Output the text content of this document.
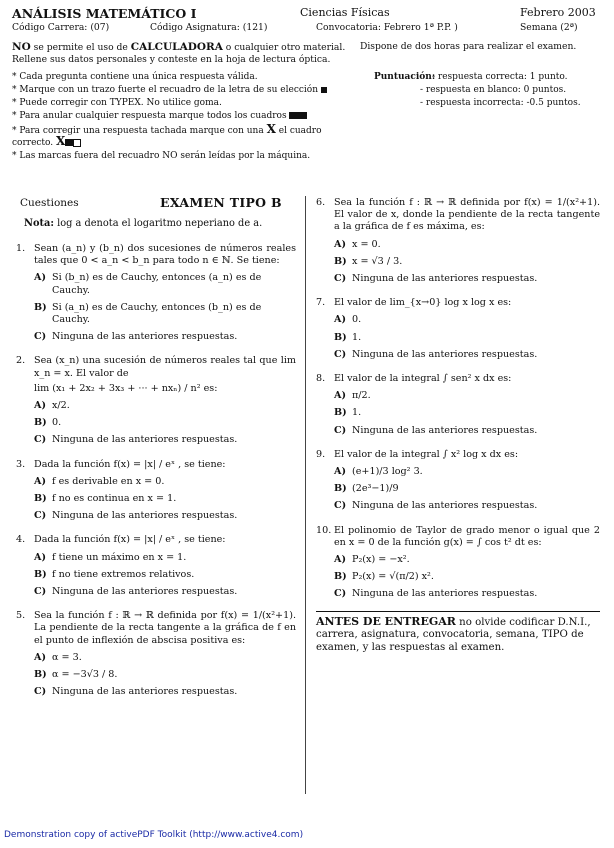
ANÁLISIS MATEMÁTICO I	Ciencias Físicas	Febrero 2003
Código Carrera: (07)	Código Asignatura: (121)	Convocatoria: Febrero 1ª P.P. )	Semana (2ª)
NO se permite el uso de CALCULADORA o cualquier otro material. Dispone de dos horas para realizar el examen.
Rellene sus datos personales y conteste en la hoja de lectura óptica.
* Cada pregunta contiene una única respuesta válida.
* Marque con un trazo fuerte el recuadro de la letra de su elección
* Puede corregir con TYPEX. No utilice goma.
* Para anular cualquier respuesta marque todos los cuadros
* Para corregir una respuesta tachada marque con una X el cuadro
correcto. X
* Las marcas fuera del recuadro NO serán leídas por la máquina.
Puntuación:
- respuesta correcta: 1 punto.
- respuesta en blanco: 0 puntos.
- respuesta incorrecta: -0.5 puntos.
Cuestiones	EXAMEN TIPO B
Nota: log a denota el logaritmo neperiano de a.
1. Sean (a_n) y (b_n) dos sucesiones de números reales tales que 0 < a_n < b_n para todo n ∈ ℕ. Se tiene:
A) Si (b_n) es de Cauchy, entonces (a_n) es de Cauchy.
B) Si (a_n) es de Cauchy, entonces (b_n) es de Cauchy.
C) Ninguna de las anteriores respuestas.
2. Sea (x_n) una sucesión de números reales tal que lim x_n = x. El valor de
lim (x₁ + 2x₂ + 3x₃ + ··· + nxₙ) / n² es:
A) x/2.
B) 0.
C) Ninguna de las anteriores respuestas.
3. Dada la función f(x) = |x| / eˣ , se tiene:
A) f es derivable en x = 0.
B) f no es continua en x = 1.
C) Ninguna de las anteriores respuestas.
4. Dada la función f(x) = |x| / eˣ , se tiene:
A) f tiene un máximo en x = 1.
B) f no tiene extremos relativos.
C) Ninguna de las anteriores respuestas.
5. Sea la función f : ℝ → ℝ definida por f(x) = 1/(x²+1). La pendiente de la recta tangente a la gráfica de f en el punto de inflexión de abscisa positiva es:
A) α = 3.
B) α = −3√3 / 8.
C) Ninguna de las anteriores respuestas.
6. Sea la función f : ℝ → ℝ definida por f(x) = 1/(x²+1). El valor de x, donde la pendiente de la recta tangente a la gráfica de f es máxima, es:
A) x = 0.
B) x = √3 / 3.
C) Ninguna de las anteriores respuestas.
7. El valor de lim_{x→0} log x log x es:
A) 0.
B) 1.
C) Ninguna de las anteriores respuestas.
8. El valor de la integral ∫ sen² x dx es:
A) π/2.
B) 1.
C) Ninguna de las anteriores respuestas.
9. El valor de la integral ∫ x² log x dx es:
A) (e+1)/3 log² 3.
B) (2e³−1)/9
C) Ninguna de las anteriores respuestas.
10. El polinomio de Taylor de grado menor o igual que 2 en x = 0 de la función g(x) = ∫ cos t² dt es:
A) P₂(x) = −x².
B) P₂(x) = √(π/2) x².
C) Ninguna de las anteriores respuestas.
ANTES DE ENTREGAR no olvide codificar D.N.I., carrera, asignatura, convocatoria, semana, TIPO de examen, y las respuestas al examen.
Demonstration copy of activePDF Toolkit (http://www.active4.com)
